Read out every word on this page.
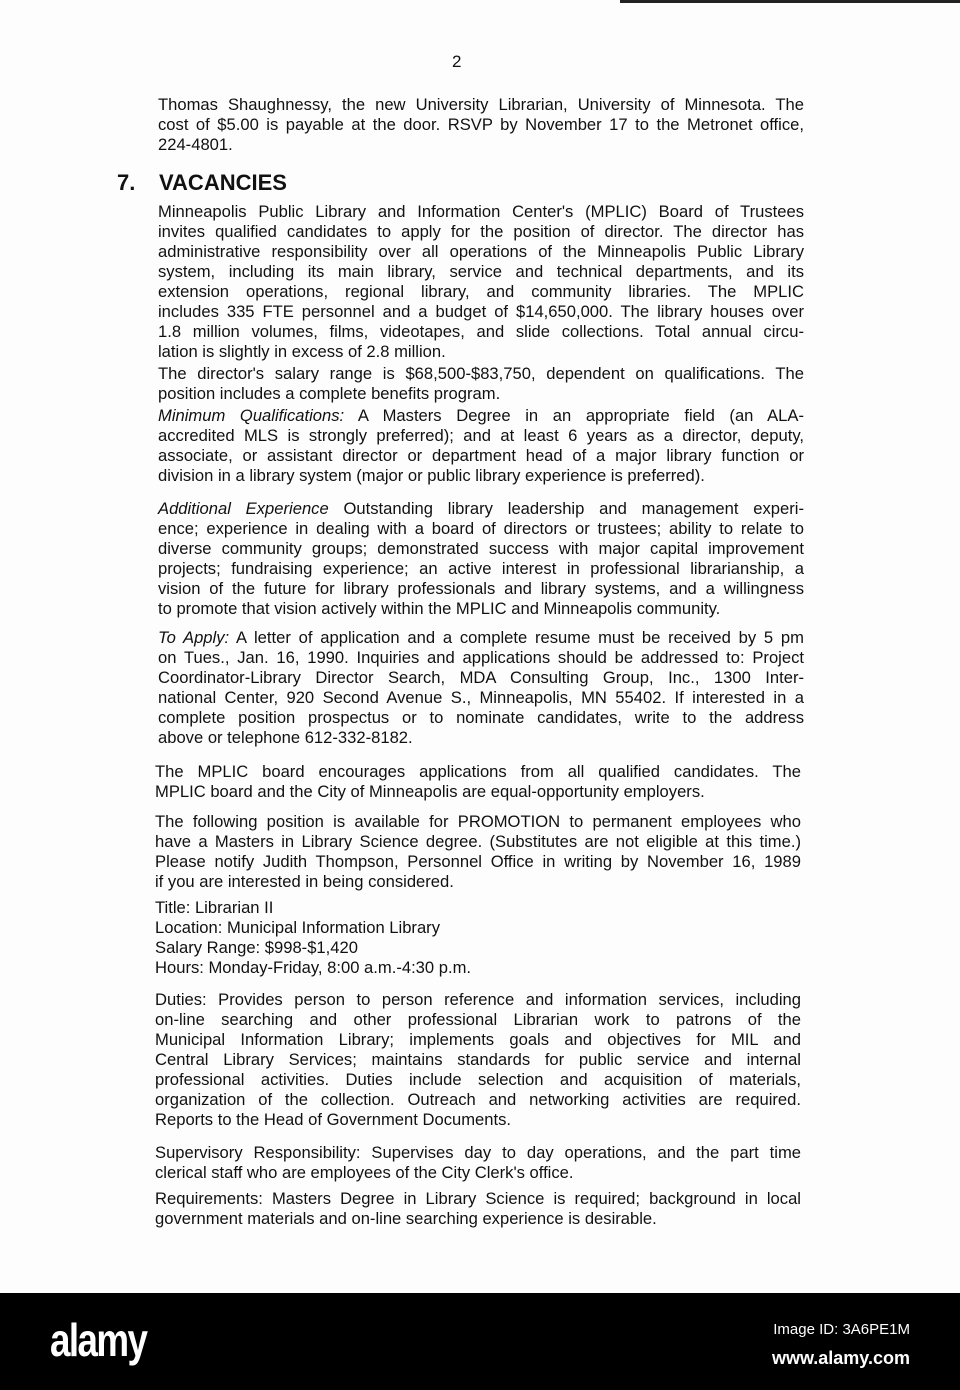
2
Thomas Shaughnessy, the new University Librarian, University of Minnesota. The
cost of $5.00 is payable at the door. RSVP by November 17 to the Metronet office,
224-4801.
7. VACANCIES
Minneapolis Public Library and Information Center's (MPLIC) Board of Trustees
invites qualified candidates to apply for the position of director. The director has
administrative responsibility over all operations of the Minneapolis Public Library
system, including its main library, service and technical departments, and its
extension operations, regional library, and community libraries. The MPLIC
includes 335 FTE personnel and a budget of $14,650,000. The library houses over
1.8 million volumes, films, videotapes, and slide collections. Total annual circu-
lation is slightly in excess of 2.8 million.
The director's salary range is $68,500-$83,750, dependent on qualifications. The
position includes a complete benefits program.
Minimum Qualifications: A Masters Degree in an appropriate field (an ALA-
accredited MLS is strongly preferred); and at least 6 years as a director, deputy,
associate, or assistant director or department head of a major library function or
division in a library system (major or public library experience is preferred).
Additional Experience Outstanding library leadership and management experi-
ence; experience in dealing with a board of directors or trustees; ability to relate to
diverse community groups; demonstrated success with major capital improvement
projects; fundraising experience; an active interest in professional librarianship, a
vision of the future for library professionals and library systems, and a willingness
to promote that vision actively within the MPLIC and Minneapolis community.
To Apply: A letter of application and a complete resume must be received by 5 pm
on Tues., Jan. 16, 1990. Inquiries and applications should be addressed to: Project
Coordinator-Library Director Search, MDA Consulting Group, Inc., 1300 Inter-
national Center, 920 Second Avenue S., Minneapolis, MN 55402. If interested in a
complete position prospectus or to nominate candidates, write to the address
above or telephone 612-332-8182.
The MPLIC board encourages applications from all qualified candidates. The
MPLIC board and the City of Minneapolis are equal-opportunity employers.
The following position is available for PROMOTION to permanent employees who
have a Masters in Library Science degree. (Substitutes are not eligible at this time.)
Please notify Judith Thompson, Personnel Office in writing by November 16, 1989
if you are interested in being considered.
Title: Librarian II
Location: Municipal Information Library
Salary Range: $998-$1,420
Hours: Monday-Friday, 8:00 a.m.-4:30 p.m.
Duties: Provides person to person reference and information services, including
on-line searching and other professional Librarian work to patrons of the
Municipal Information Library; implements goals and objectives for MIL and
Central Library Services; maintains standards for public service and internal
professional activities. Duties include selection and acquisition of materials,
organization of the collection. Outreach and networking activities are required.
Reports to the Head of Government Documents.
Supervisory Responsibility: Supervises day to day operations, and the part time
clerical staff who are employees of the City Clerk's office.
Requirements: Masters Degree in Library Science is required; background in local
government materials and on-line searching experience is desirable.
alamy	Image ID: 3A6PE1M
www.alamy.com
